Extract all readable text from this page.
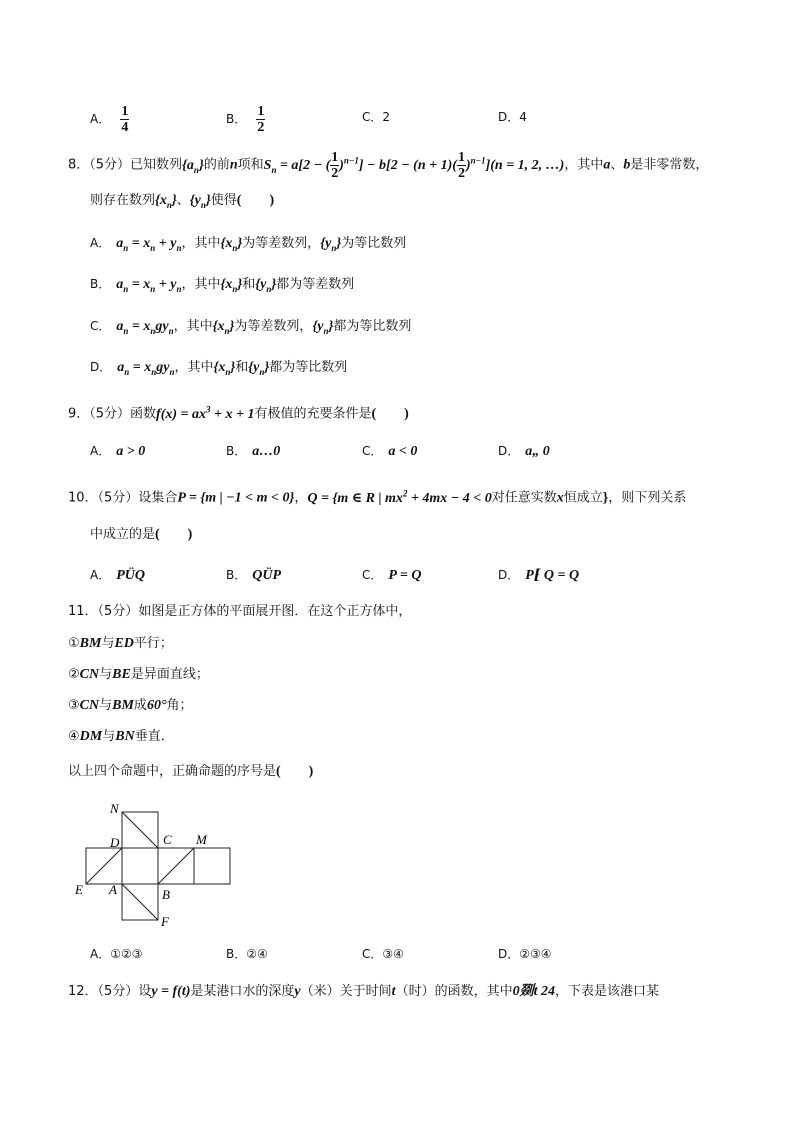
A． $\frac{1}{4}$	B． $\frac{1}{2}$	C．2	D．4
8．（5分）已知数列$\{a_n\}$的前n项和$S_n = a[2$ − ( $\frac{1}{2} )^{n-1}] - b[2 - (n + 1)( \frac{1}{2} )^{n-1}](n = 1$, 2, …)，其中a、b是非零常数，
则存在数列$\{x_n\}$、$\{y_n\}$使得(　　)
A． $a_n = x_n + y_n$，其中$\{x_n\}$为等差数列，$\{y_n\}$为等比数列
B． $a_n = x_n + y_n$，其中$\{x_n\}$和$\{y_n\}$都为等差数列
C． $a_n = x_ngy_n$，其中$\{x_n\}$为等差数列，$\{y_n\}$都为等比数列
D． $a_n = x_ngy_n$，其中$\{x_n\}$和$\{y_n\}$都为等比数列
9．（5分）函数$f(x) = ax^3 + x + 1$有极值的充要条件是(　　)
A． a > 0	B． a…0	C． a < 0	D． a„ 0
10．（5分）设集合P = {m | −1 < m < 0}，Q = {m ∈ R | $mx^2 + 4mx - 4 < 0$对任意实数x恒成立}，则下列关系
中成立的是(　　)
A． PÜQ	B． QÜP	C． P = Q	D． P⁅ Q = Q
11．（5分）如图是正方体的平面展开图．在这个正方体中，
①BM与ED平行；
②CN与BE是异面直线；
③CN与BM成60°角；
④DM与BN垂直．
以上四个命题中，正确命题的序号是(　　)
N
D	C M
E A	B
F
A．①②③	B．②④	C．③④	D．②③④
12．（5分）设y = f(t)是某港口水的深度y（米）关于时间t（时）的函数，其中0剟t 24，下表是该港口某
